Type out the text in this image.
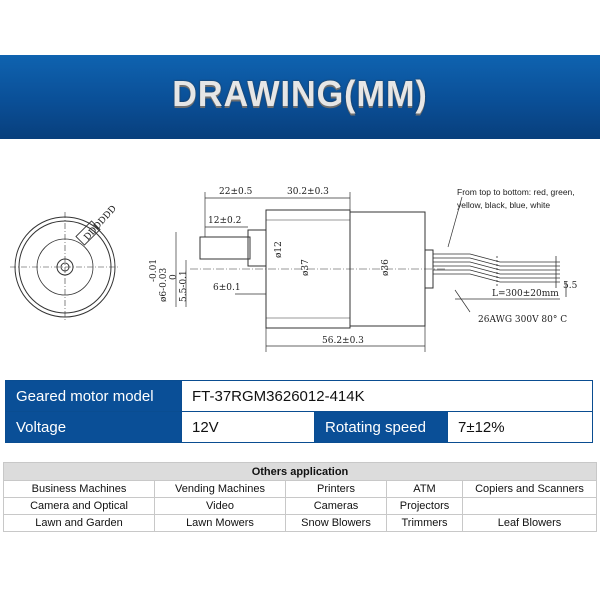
DRAWING(MM)
DDDDDD
22±0.5	30.2±0.3
12±0.2
ø12
ø37	ø36
6±0.1
0 5.5-0.1
-0.01 ø6-0.03
56.2±0.3
L=300±20mm
5.5
26AWG 300V 80° C
From top to bottom: red, green,
yellow, black, blue, white
Geared motor model	FT-37RGM3626012-414K		
Voltage	12V	Rotating speed	7±12%
Others application				
Business Machines	Vending Machines	Printers	ATM	Copiers and Scanners
Camera and Optical	Video	Cameras	Projectors	
Lawn and Garden	Lawn Mowers	Snow Blowers	Trimmers	Leaf Blowers
